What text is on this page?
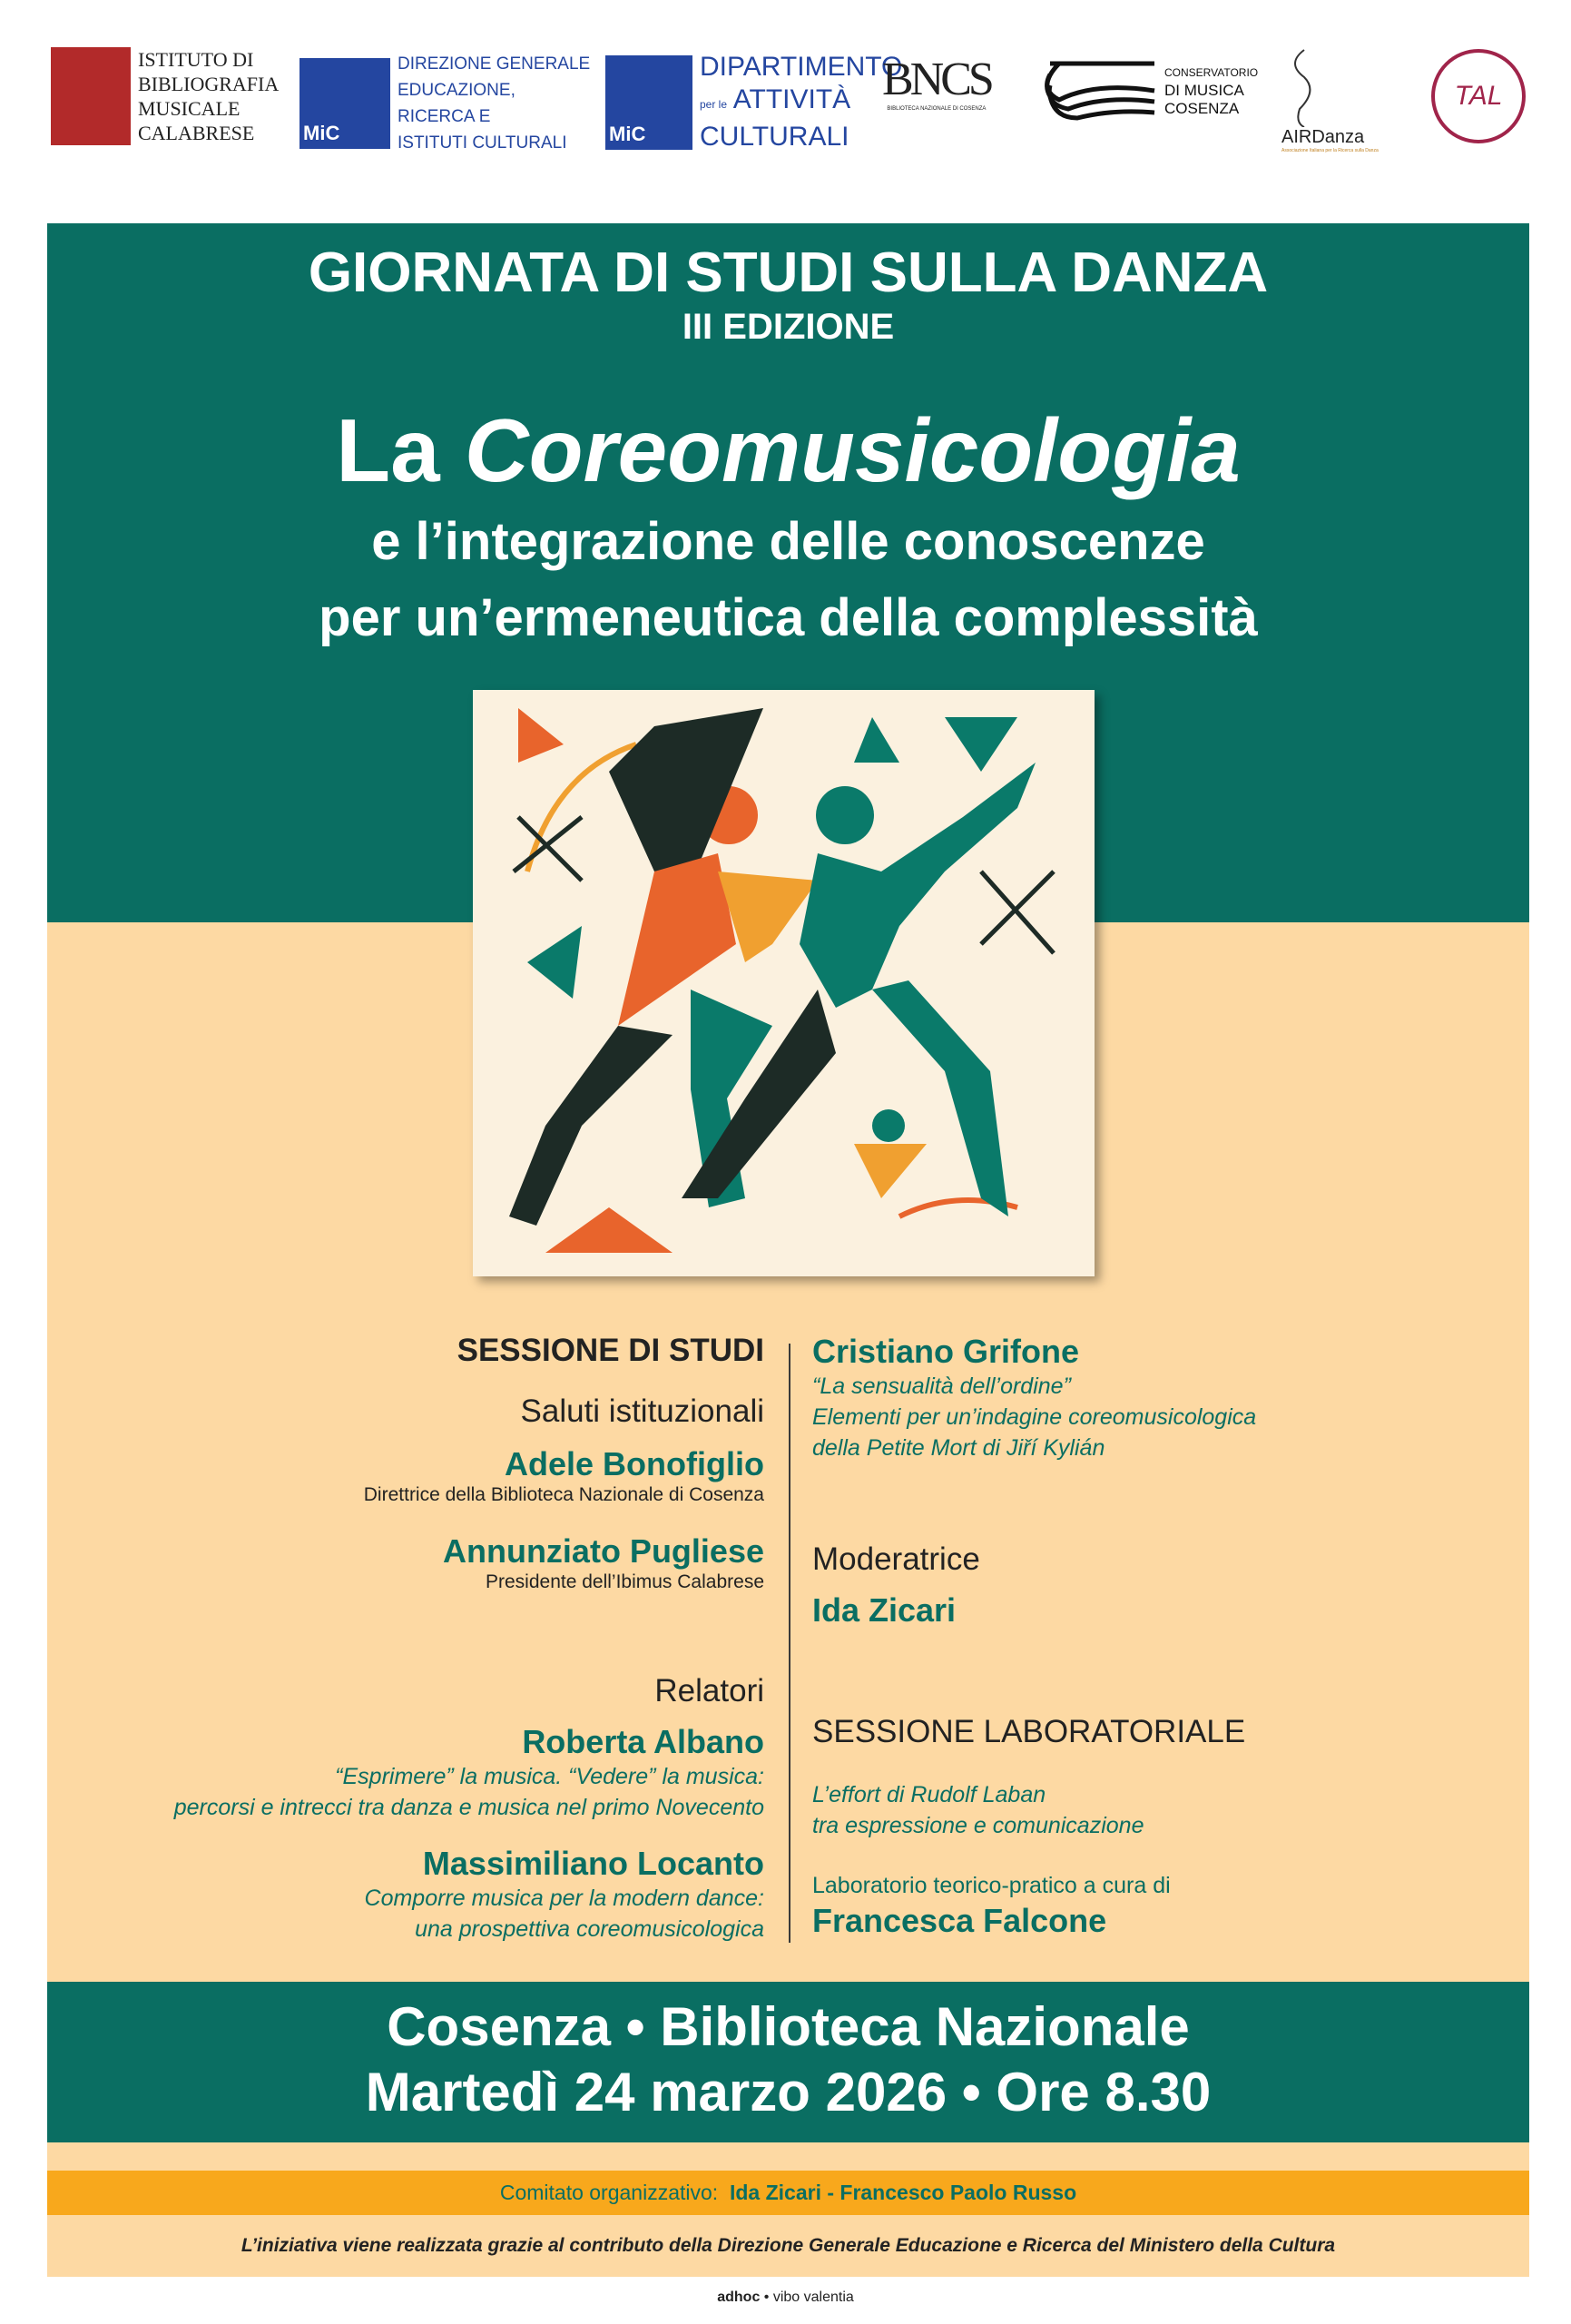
ISTITUTO DI
BIBLIOGRAFIA
MUSICALE
CALABRESE	MiC
DIREZIONE GENERALE
EDUCAZIONE,
RICERCA E
ISTITUTI CULTURALI	MiC
DIPARTIMENTO
per le ATTIVITÀ
CULTURALI
BNCS
BIBLIOTECA NAZIONALE DI COSENZA
CONSERVATORIO
DI MUSICA
COSENZA
AIRDanza
Associazione Italiana per la Ricerca sulla Danza
TAL
GIORNATA DI STUDI SULLA DANZA
III EDIZIONE
La Coreomusicologia
e l’integrazione delle conoscenze
per un’ermeneutica della complessità
SESSIONE DI STUDI
Saluti istituzionali
Adele Bonofiglio
Direttrice della Biblioteca Nazionale di Cosenza
Annunziato Pugliese
Presidente dell’Ibimus Calabrese
Relatori
Roberta Albano
“Esprimere” la musica. “Vedere” la musica:
percorsi e intrecci tra danza e musica nel primo Novecento
Massimiliano Locanto
Comporre musica per la modern dance:
una prospettiva coreomusicologica
Cristiano Grifone
“La sensualità dell’ordine”
Elementi per un’indagine coreomusicologica
della Petite Mort di Jiří Kylián
Moderatrice
Ida Zicari
SESSIONE LABORATORIALE
L’effort di Rudolf Laban
tra espressione e comunicazione
Laboratorio teorico-pratico a cura di
Francesca Falcone
Cosenza • Biblioteca Nazionale
Martedì 24 marzo 2026 • Ore 8.30
Comitato organizzativo: Ida Zicari - Francesco Paolo Russo
L’iniziativa viene realizzata grazie al contributo della Direzione Generale Educazione e Ricerca del Ministero della Cultura
adhoc • vibo valentia
